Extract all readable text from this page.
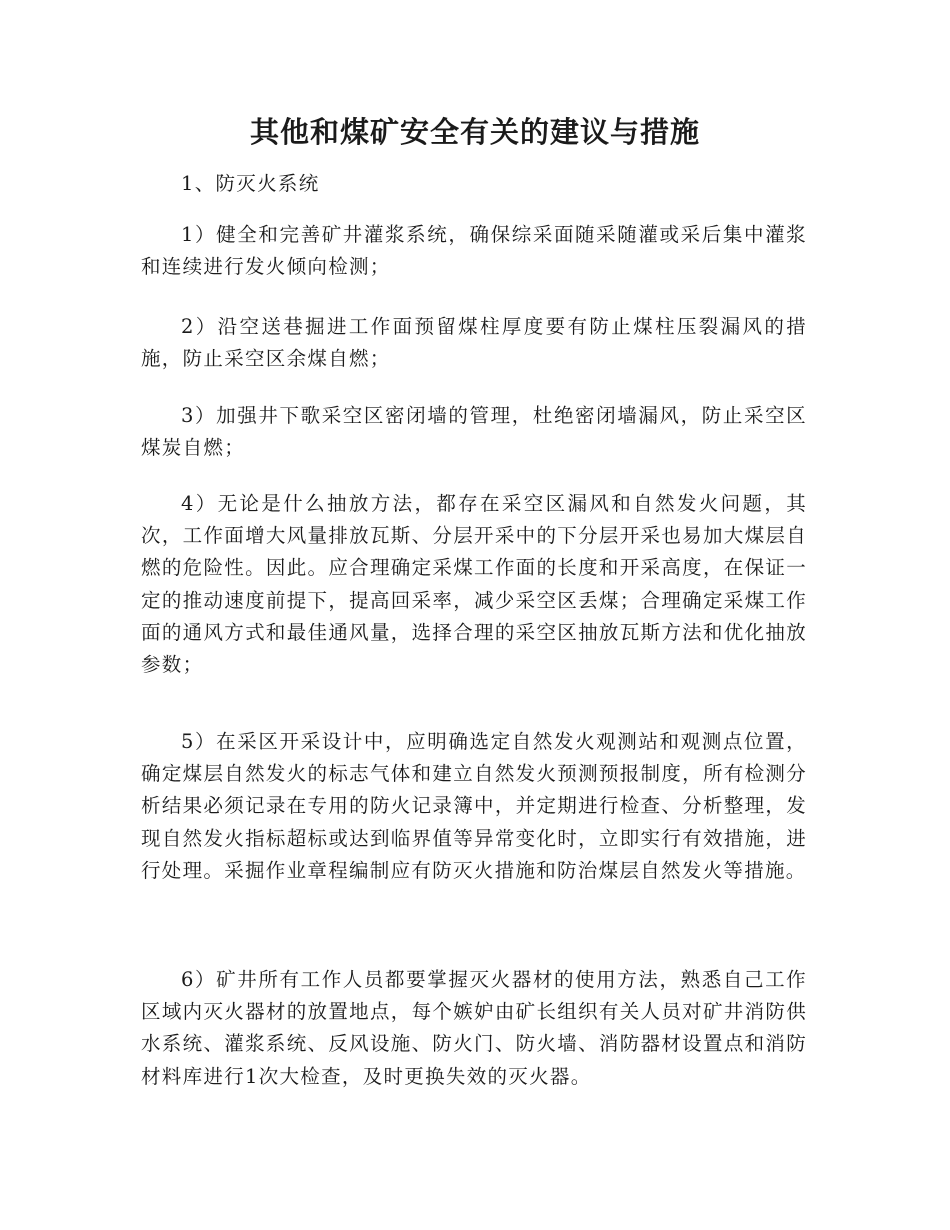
其他和煤矿安全有关的建议与措施

1、防灭火系统

1）健全和完善矿井灌浆系统，确保综采面随采随灌或采后集中灌浆和连续进行发火倾向检测；

2）沿空送巷掘进工作面预留煤柱厚度要有防止煤柱压裂漏风的措施，防止采空区余煤自燃；

3）加强井下歌采空区密闭墙的管理，杜绝密闭墙漏风，防止采空区煤炭自燃；

4）无论是什么抽放方法，都存在采空区漏风和自然发火问题，其次，工作面增大风量排放瓦斯、分层开采中的下分层开采也易加大煤层自燃的危险性。因此。应合理确定采煤工作面的长度和开采高度，在保证一定的推动速度前提下，提高回采率，减少采空区丢煤；合理确定采煤工作面的通风方式和最佳通风量，选择合理的采空区抽放瓦斯方法和优化抽放参数；

5）在采区开采设计中，应明确选定自然发火观测站和观测点位置，确定煤层自然发火的标志气体和建立自然发火预测预报制度，所有检测分析结果必须记录在专用的防火记录簿中，并定期进行检查、分析整理，发现自然发火指标超标或达到临界值等异常变化时，立即实行有效措施，进行处理。采掘作业章程编制应有防灭火措施和防治煤层自然发火等措施。

6）矿井所有工作人员都要掌握灭火器材的使用方法，熟悉自己工作区域内灭火器材的放置地点，每个嫉妒由矿长组织有关人员对矿井消防供水系统、灌浆系统、反风设施、防火门、防火墙、消防器材设置点和消防材料库进行1次大检查，及时更换失效的灭火器。
